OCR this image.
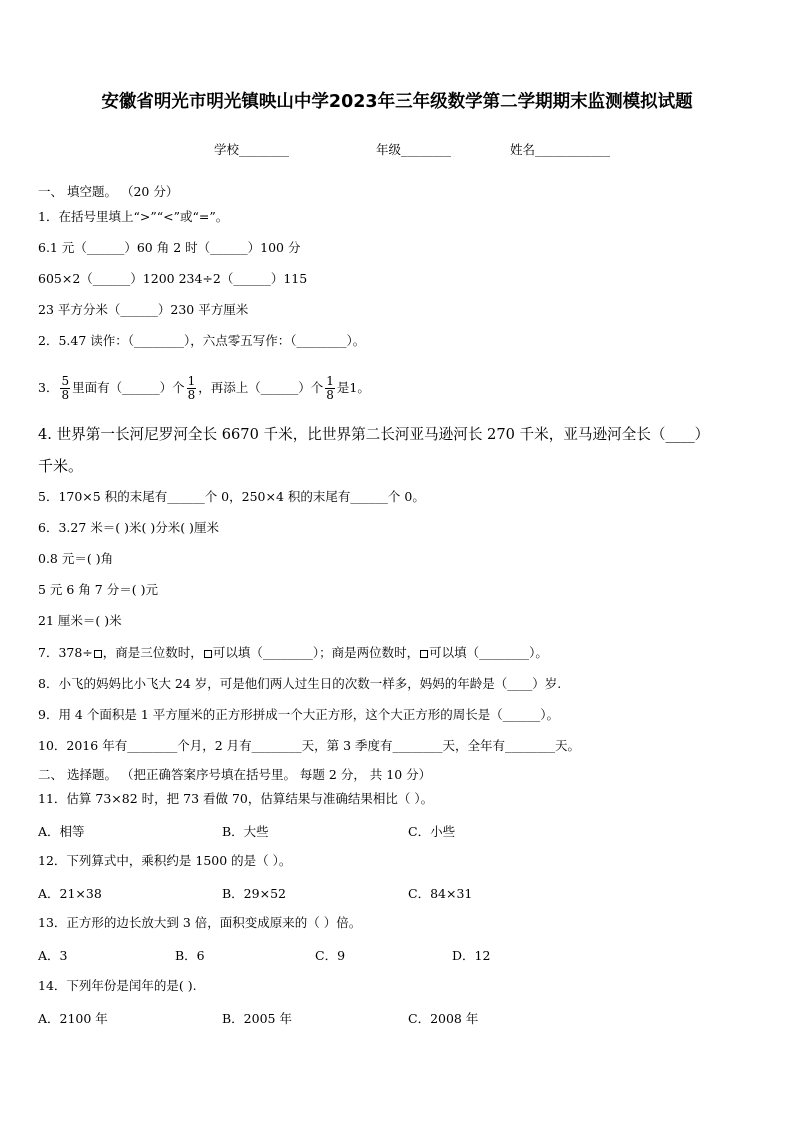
安徽省明光市明光镇映山中学2023年三年级数学第二学期期末监测模拟试题
学校________	年级________	姓名____________
一、 填空题。 （20 分）
1．在括号里填上“>”“<”或“=”。
6.1 元（______）60 角 2 时（______）100 分
605×2（______）1200 234÷2（______）115
23 平方分米（______）230 平方厘米
2．5.47 读作：（________），六点零五写作：（________）。
3． $\frac{5}{8}$ 里面有（______）个 $\frac{1}{8}$ ，再添上（______）个 $\frac{1}{8}$ 是1。
4. 世界第一长河尼罗河全长 6670 千米，比世界第二长河亚马逊河长 270 千米，亚马逊河全长（____）
千米。
5．170×5 积的末尾有______个 0，250×4 积的末尾有______个 0。
6．3.27 米＝( )米( )分米( )厘米
0.8 元＝( )角
5 元 6 角 7 分＝( )元
21 厘米＝( )米
7．378÷ ，商是三位数时， 可以填（________）；商是两位数时， 可以填（________）。
8．小飞的妈妈比小飞大 24 岁，可是他们两人过生日的次数一样多，妈妈的年龄是（____）岁.
9．用 4 个面积是 1 平方厘米的正方形拼成一个大正方形，这个大正方形的周长是（______）。
10．2016 年有________个月，2 月有________天，第 3 季度有________天，全年有________天。
二、 选择题。 （把正确答案序号填在括号里。 每题 2 分， 共 10 分）
11．估算 73×82 时，把 73 看做 70，估算结果与准确结果相比（ ）。
A．相等	B．大些	C．小些
12．下列算式中，乘积约是 1500 的是（ ）。
A．21×38	B．29×52	C．84×31
13．正方形的边长放大到 3 倍，面积变成原来的（ ）倍。
A．3	B．6	C．9	D．12
14．下列年份是闰年的是( ).
A．2100 年	B．2005 年	C．2008 年
